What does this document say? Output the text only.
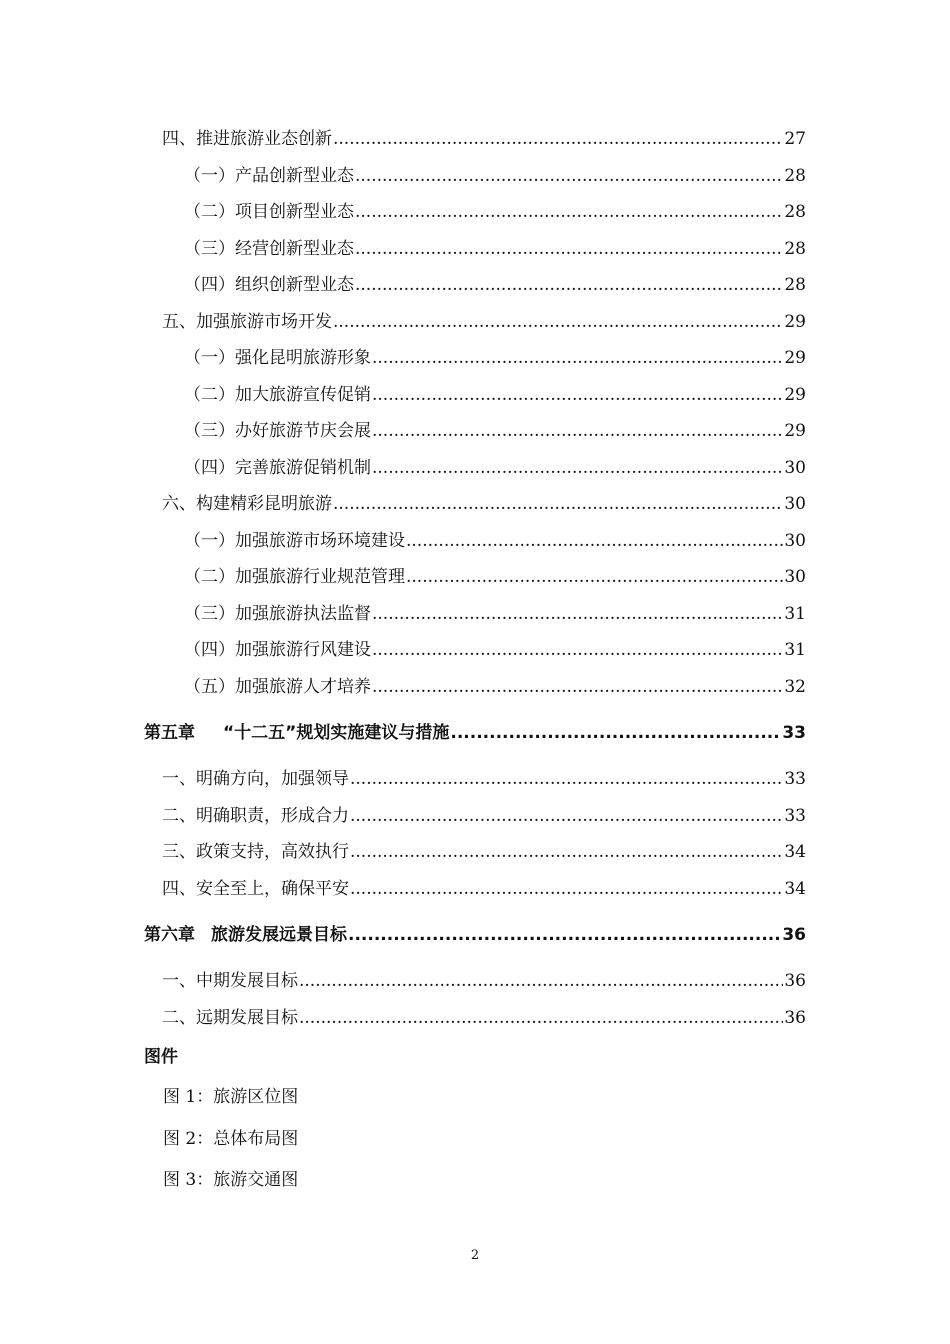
四、推进旅游业态创新 .....	27
（一）产品创新型业态 .....	28
（二）项目创新型业态 .....	28
（三）经营创新型业态 .....	28
（四）组织创新型业态 .....	28
五、加强旅游市场开发 .....	29
（一）强化昆明旅游形象 .....	29
（二）加大旅游宣传促销 .....	29
（三）办好旅游节庆会展 .....	29
（四）完善旅游促销机制 .....	30
六、构建精彩昆明旅游 .....	30
（一）加强旅游市场环境建设 .....	30
（二）加强旅游行业规范管理 .....	30
（三）加强旅游执法监督 .....	31
（四）加强旅游行风建设 .....	31
（五）加强旅游人才培养 .....	32
第五章 “十二五”规划实施建议与措施 .....	33
一、明确方向，加强领导 .....	33
二、明确职责，形成合力 .....	33
三、政策支持，高效执行 .....	34
四、安全至上，确保平安 .....	34
第六章 旅游发展远景目标 .....	36
一、中期发展目标 .....	36
二、远期发展目标 .....	36
图件
图 1：旅游区位图
图 2：总体布局图
图 3：旅游交通图
2
